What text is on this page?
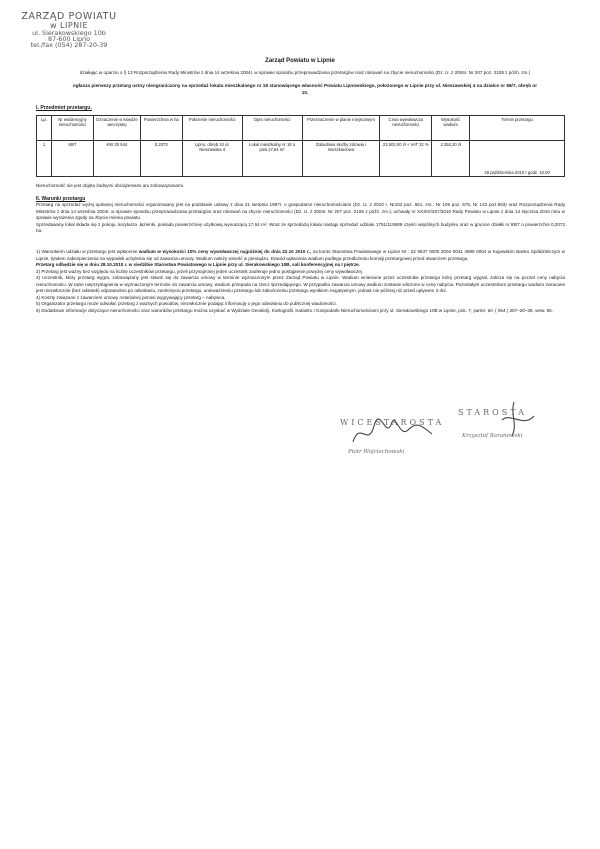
ZARZĄD POWIATU
w LIPNIE
ul. Sierakowskiego 10b
87-600 Lipno
tel./fax (054) 287-20-39
Zarząd Powiatu w Lipnie
działając w oparciu o § 13 Rozporządzenia Rady Ministrów z dnia 14 września 2004r. w sprawie sposobu przeprowadzania przetargów oraz rokowań na zbycie nieruchomości (Dz. U. z 2004r. Nr 207 poz. 2108 z późń. zm.)
ogłasza pierwszy przetarg ustny nieograniczony na sprzedaż lokalu mieszkalnego nr 18 stanowiącego własność Powiatu Lipnowskiego, położonego w Lipnie przy ul. Nieszawskiej 4 na działce nr 88/7, obręb nr 10.
I. Przedmiot przetargu.
Lp.	Nr ewidencyjny nieruchomości	Oznaczenie w księdze wieczystej	Powierzchnia w ha	Położenie nieruchomości	Opis nieruchomości	Przeznaczenie w planie miejscowym	Cena wywoławcza nieruchomości	Wysokość wadium	Termin przetargu
1	88/7	KW 30 544	0,2073	Lipno, obręb 10 ul. Nieszawska 4	Lokal mieszkalny nr 18 o pow.17,64 m²	Zabudowa służby zdrowia i mieszkaniowa	23.502,00 zł + VAT 22 %	2.350,20 zł	28 października 2010 r godz. 10.00
Nieruchomość nie jest objęta żadnymi obciążeniami ani zobowiązaniami.
II. Warunki przetargu

Przetarg na sprzedaż wyżej opisanej nieruchomości organizowany jest na podstawie ustawy z dnia 21 sierpnia 1997r. o gospodarce nieruchomościami (Dz. U. z 2010 r. Nr102 poz. 651, zm.: Nr 106 poz. 675, Nr 143 poz.963) oraz Rozporządzenia Rady Ministrów z dnia 14 września 2004r. w sprawie sposobu przeprowadzania przetargów oraz rokowań na zbycie nieruchomości (Dz. U. z 2004r. Nr 207 poz. 2108 z późń. zm.), uchwały nr XXXIX/257/2010 Rady Powiatu w Lipnie z dnia 14 stycznia 2010 roku w sprawie wyrażenia zgody na zbycie mienia powiatu.

Sprzedawany lokal składa się z pokoju, korytarza ,łazienki, posiada powierzchnię użytkową wynoszącą 17,64 m². Wraz ze sprzedażą lokalu nastąpi sprzedaż udziału 1751/119589 części wspólnych budynku oraz w gruncie działki nr 88/7 o powierzchni 0,2073 ha.

1) Warunkiem udziału w przetargu jest wpłacenie wadium w wysokości 10% ceny wywoławczej najpóźniej do dnia 22.10 2010 r., na konto Starostwa Powiatowego w Lipnie Nr : 22 9537 0000 2004 0041 4689 0004 w Kujawskim Banku Spółdzielczym w Lipnie, tytułem zabezpieczenia na wypadek uchylenia się od zawarcia umowy. Wadium należy wnieść w pieniądzu. Dowód wpłacenia wadium podlega przedłożeniu komisji przetargowej przed otwarciem przetargu.

Przetarg odbędzie się w dniu 28.10.2010 r. w siedzibie Starostwa Powiatowego w Lipnie przy ul. Sierakowskiego 10B, sali konferencyjnej na I piętrze.

2) Przetarg jest ważny bez względu na liczbę uczestników przetargu, jeżeli przynajmniej jeden uczestnik zaoferuje jedno postąpienie powyżej ceny wywoławczej.

3) Uczestnik, który przetarg wygra, zobowiązany jest stawić się do zawarcia umowy w terminie wyznaczonym przez Zarząd Powiatu w Lipnie. Wadium wniesione przez uczestnika przetargu który przetarg wygrał, zalicza się na poczet ceny nabycia nieruchomości. W razie nieprzystąpienia w wyznaczonym terminie do zawarcia umowy, wadium przepada na rzecz sprzedającego. W przypadku zawarcia umowy wadium zostanie wliczone w cenę nabycia. Pozostałym uczestnikom przetargu wadium zwracane jest niezwłocznie (bez odsetek) odpowiednio po odwołaniu, zamknięciu przetargu, unieważnieniu przetargu lub zakończeniu przetargu wynikiem negatywnym, jednak nie później niż przed upływem 3 dni.

4) Koszty związane z zawarciem umowy notarialnej ponosi wygrywający przetarg – nabywca.

5) Organizator przetargu może odwołać przetarg z ważnych powodów, niezwłocznie podając informację o jego odwołaniu do publicznej wiadomości.

6) Dodatkowe informacje dotyczące nieruchomości oraz warunków przetargu można uzyskać w Wydziale Geodezji, Kartografii, Katastru i Gospodarki Nieruchomościami przy ul. Sierakowskiego 10B w Lipnie, pok. 7, parter, tel. ( 054 ) 287–20–39, wew. 56.

WICESTAROSTA
Piotr Wojciechowski
STAROSTA
Krzysztof Baranowski
